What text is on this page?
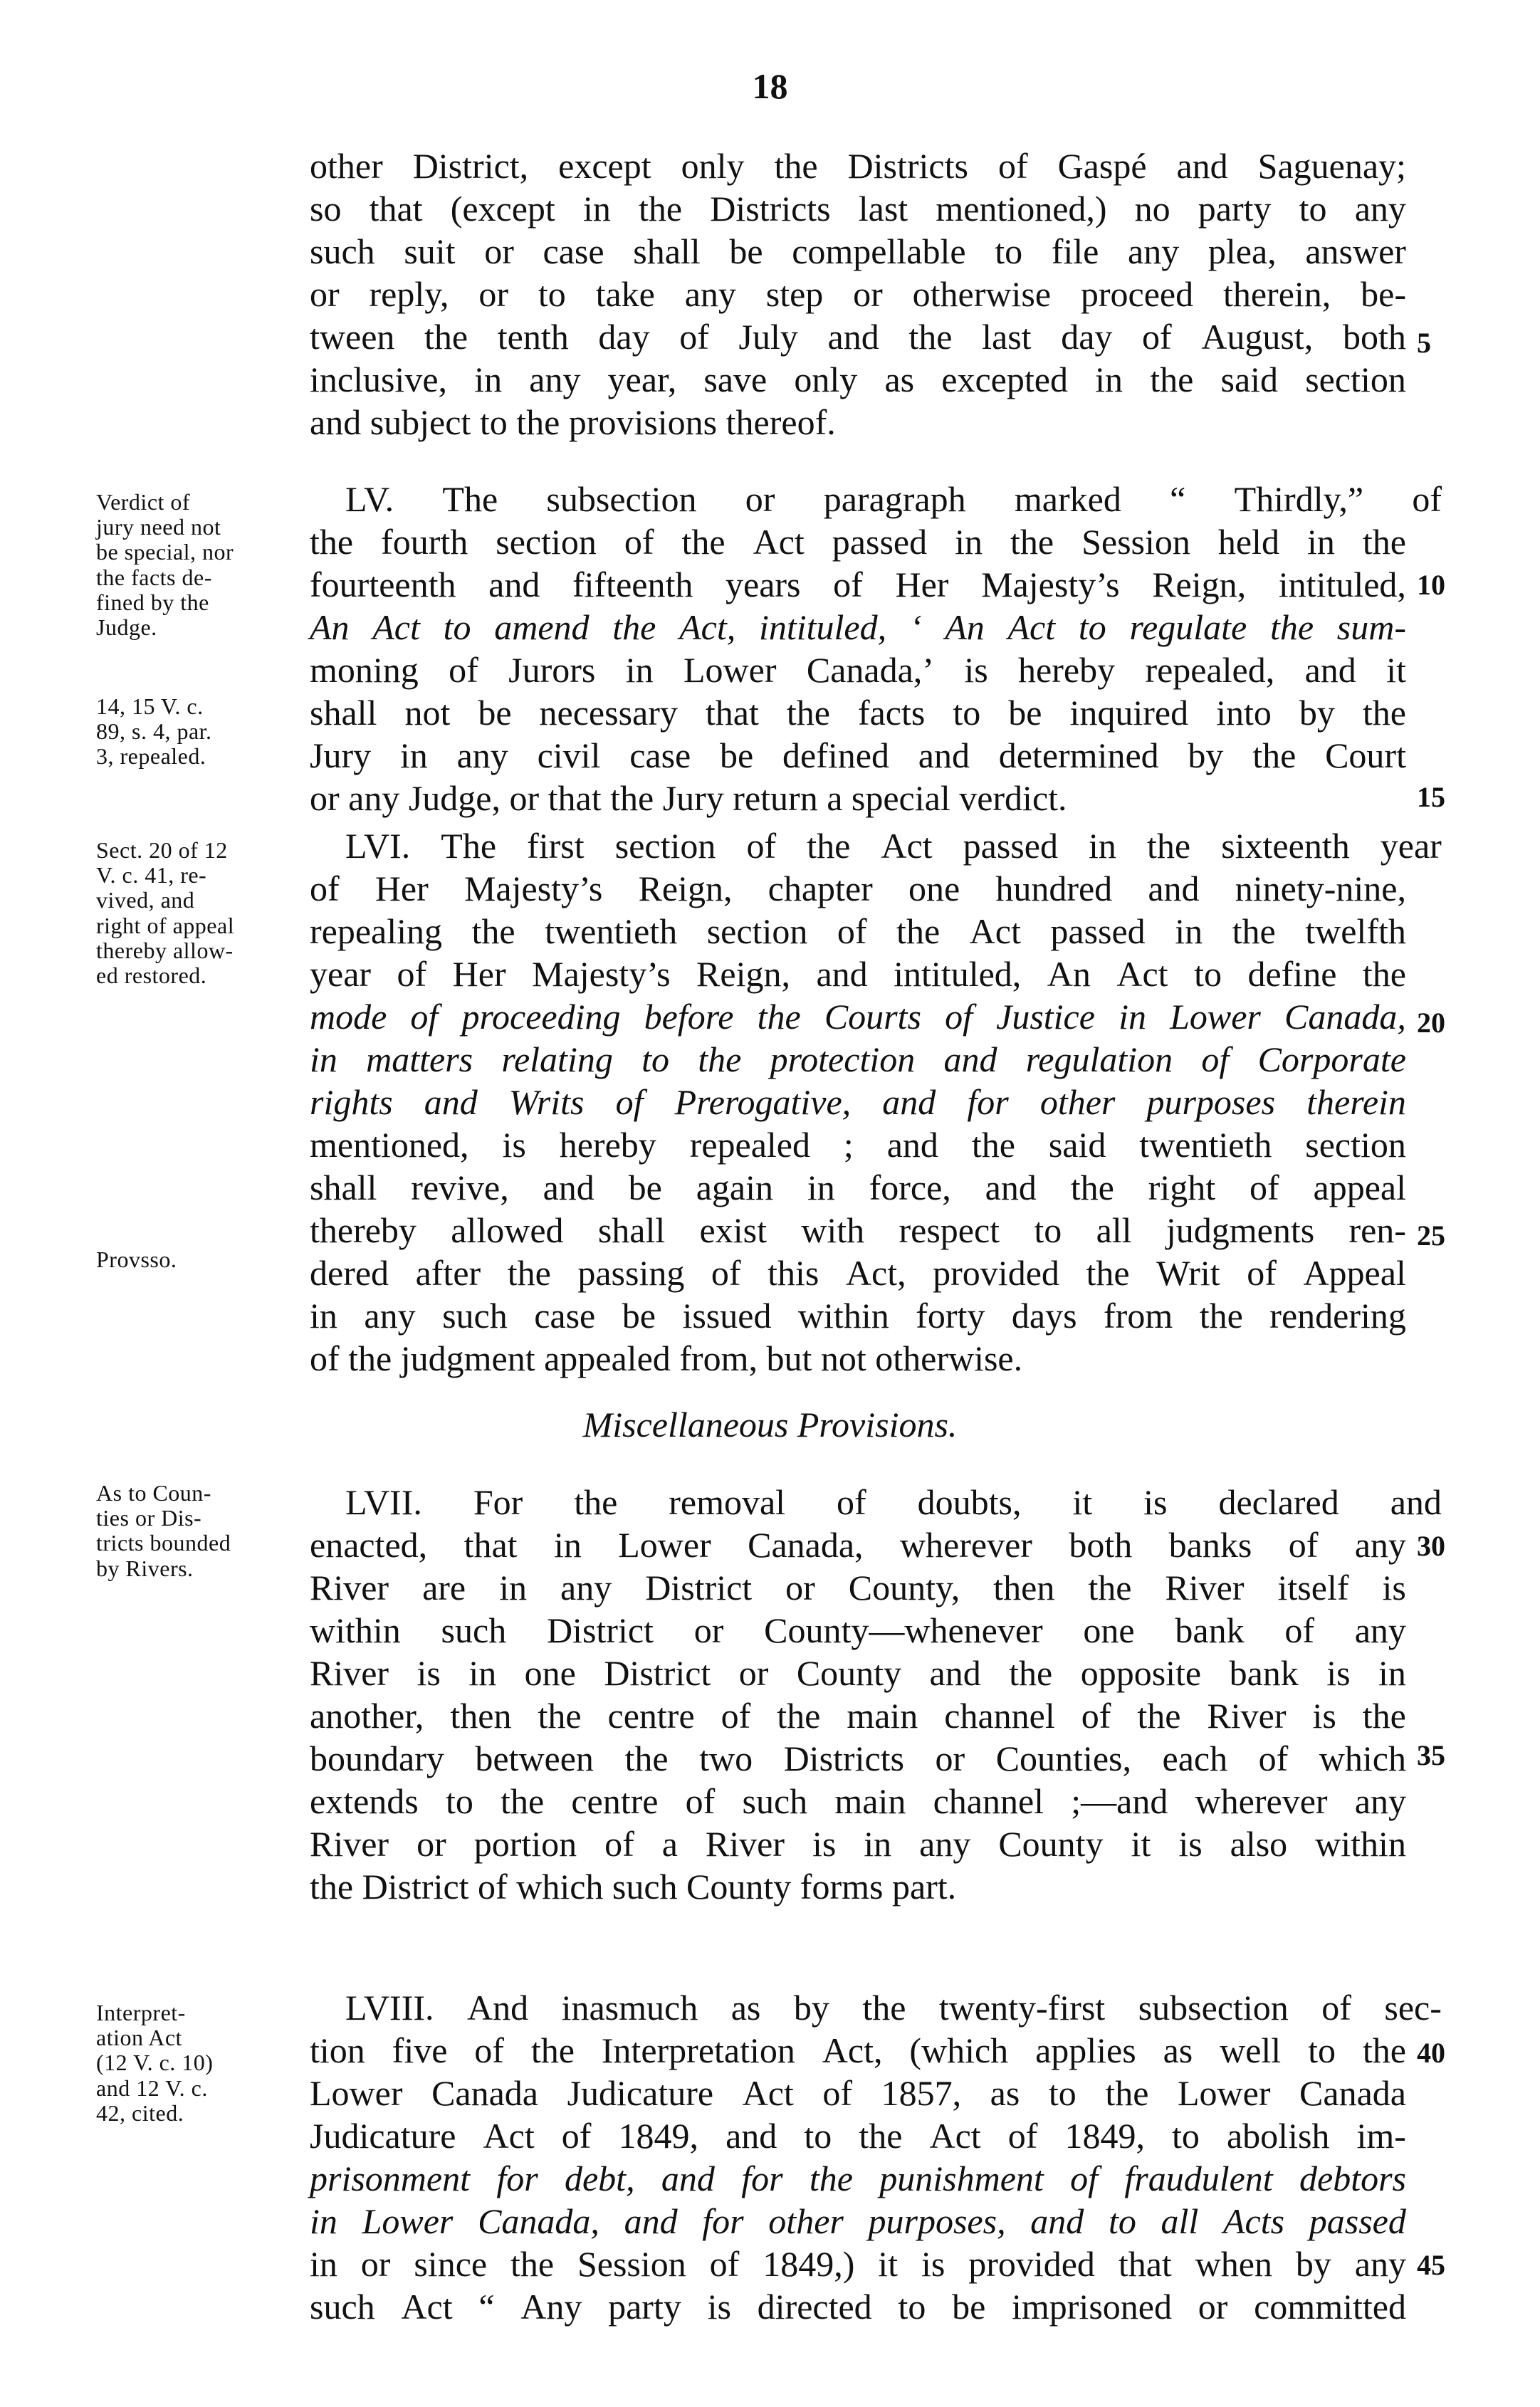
18
other District, except only the Districts of Gaspé and Saguenay;
so that (except in the Districts last mentioned,) no party to any
such suit or case shall be compellable to file any plea, answer
or reply, or to take any step or otherwise proceed therein, be-
tween the tenth day of July and the last day of August, both
inclusive, in any year, save only as excepted in the said section
and subject to the provisions thereof.
LV. The subsection or paragraph marked “ Thirdly,” of
the fourth section of the Act passed in the Session held in the
fourteenth and fifteenth years of Her Majesty’s Reign, intituled,
An Act to amend the Act, intituled, ‘ An Act to regulate the sum-
moning of Jurors in Lower Canada,’ is hereby repealed, and it
shall not be necessary that the facts to be inquired into by the
Jury in any civil case be defined and determined by the Court
or any Judge, or that the Jury return a special verdict.
LVI. The first section of the Act passed in the sixteenth year
of Her Majesty’s Reign, chapter one hundred and ninety-nine,
repealing the twentieth section of the Act passed in the twelfth
year of Her Majesty’s Reign, and intituled, An Act to define the
mode of proceeding before the Courts of Justice in Lower Canada,
in matters relating to the protection and regulation of Corporate
rights and Writs of Prerogative, and for other purposes therein
mentioned, is hereby repealed ; and the said twentieth section
shall revive, and be again in force, and the right of appeal
thereby allowed shall exist with respect to all judgments ren-
dered after the passing of this Act, provided the Writ of Appeal
in any such case be issued within forty days from the rendering
of the judgment appealed from, but not otherwise.
Miscellaneous Provisions.
LVII. For the removal of doubts, it is declared and
enacted, that in Lower Canada, wherever both banks of any
River are in any District or County, then the River itself is
within such District or County—whenever one bank of any
River is in one District or County and the opposite bank is in
another, then the centre of the main channel of the River is the
boundary between the two Districts or Counties, each of which
extends to the centre of such main channel ;—and wherever any
River or portion of a River is in any County it is also within
the District of which such County forms part.
LVIII. And inasmuch as by the twenty-first subsection of sec-
tion five of the Interpretation Act, (which applies as well to the
Lower Canada Judicature Act of 1857, as to the Lower Canada
Judicature Act of 1849, and to the Act of 1849, to abolish im-
prisonment for debt, and for the punishment of fraudulent debtors
in Lower Canada, and for other purposes, and to all Acts passed
in or since the Session of 1849,) it is provided that when by any
such Act “ Any party is directed to be imprisoned or committed
Verdict of
jury need not
be special, nor
the facts de-
fined by the
Judge.
14, 15 V. c.
89, s. 4, par.
3, repealed.
Sect. 20 of 12
V. c. 41, re-
vived, and
right of appeal
thereby allow-
ed restored.
Provsso.
As to Coun-
ties or Dis-
tricts bounded
by Rivers.
Interpret-
ation Act
(12 V. c. 10)
and 12 V. c.
42, cited.
5
10
15
20
25
30
35
40
45
